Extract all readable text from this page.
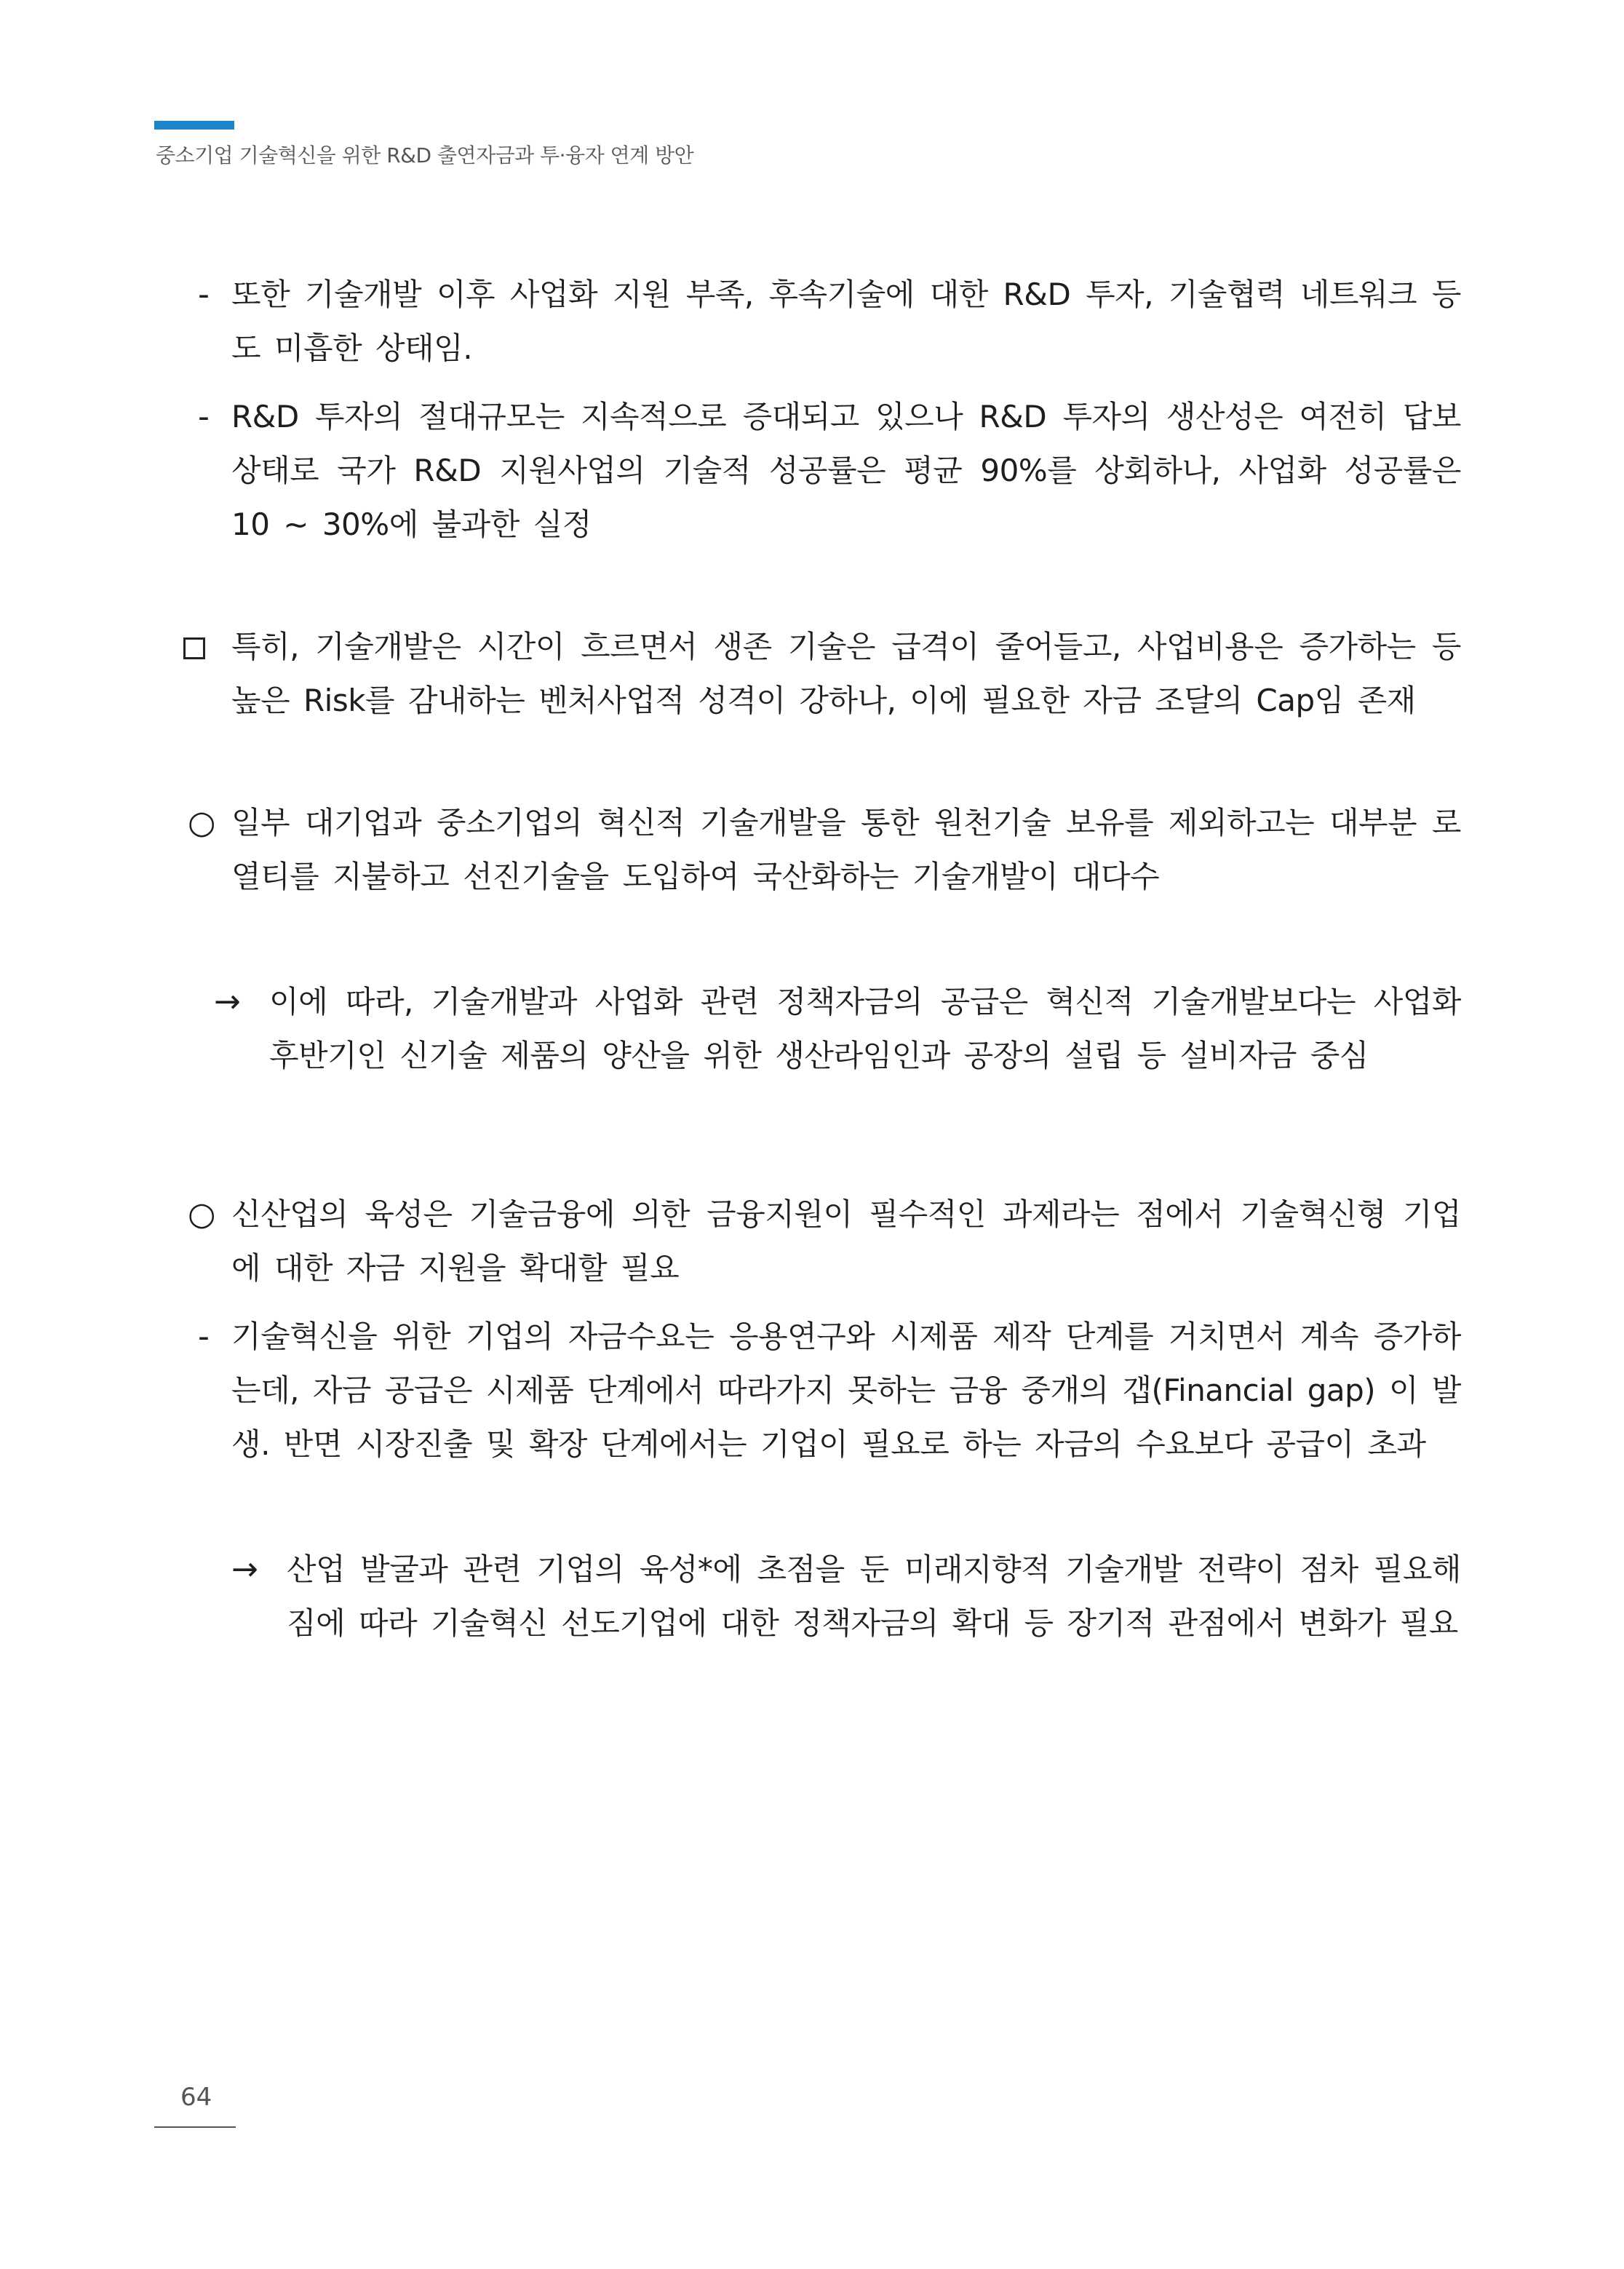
중소기업 기술혁신을 위한 R&D 출연자금과 투·융자 연계 방안
- 또한 기술개발 이후 사업화 지원 부족, 후속기술에 대한 R&D 투자, 기술협력 네트워크 등도 미흡한 상태임.
- R&D 투자의 절대규모는 지속적으로 증대되고 있으나 R&D 투자의 생산성은 여전히 답보 상태로 국가 R&D 지원사업의 기술적 성공률은 평균 90%를 상회하나, 사업화 성공률은 10 ~ 30%에 불과한 실정
특히, 기술개발은 시간이 흐르면서 생존 기술은 급격이 줄어들고, 사업비용은 증가하는 등 높은 Risk를 감내하는 벤처사업적 성격이 강하나, 이에 필요한 자금 조달의 Cap임 존재
○ 일부 대기업과 중소기업의 혁신적 기술개발을 통한 원천기술 보유를 제외하고는 대부분 로열티를 지불하고 선진기술을 도입하여 국산화하는 기술개발이 대다수
→ 이에 따라, 기술개발과 사업화 관련 정책자금의 공급은 혁신적 기술개발보다는 사업화 후반기인 신기술 제품의 양산을 위한 생산라임인과 공장의 설립 등 설비자금 중심
○ 신산업의 육성은 기술금융에 의한 금융지원이 필수적인 과제라는 점에서 기술혁신형 기업에 대한 자금 지원을 확대할 필요
- 기술혁신을 위한 기업의 자금수요는 응용연구와 시제품 제작 단계를 거치면서 계속 증가하는데, 자금 공급은 시제품 단계에서 따라가지 못하는 금융 중개의 갭(Financial gap) 이 발생. 반면 시장진출 및 확장 단계에서는 기업이 필요로 하는 자금의 수요보다 공급이 초과
→ 산업 발굴과 관련 기업의 육성*에 초점을 둔 미래지향적 기술개발 전략이 점차 필요해짐에 따라 기술혁신 선도기업에 대한 정책자금의 확대 등 장기적 관점에서 변화가 필요
64
